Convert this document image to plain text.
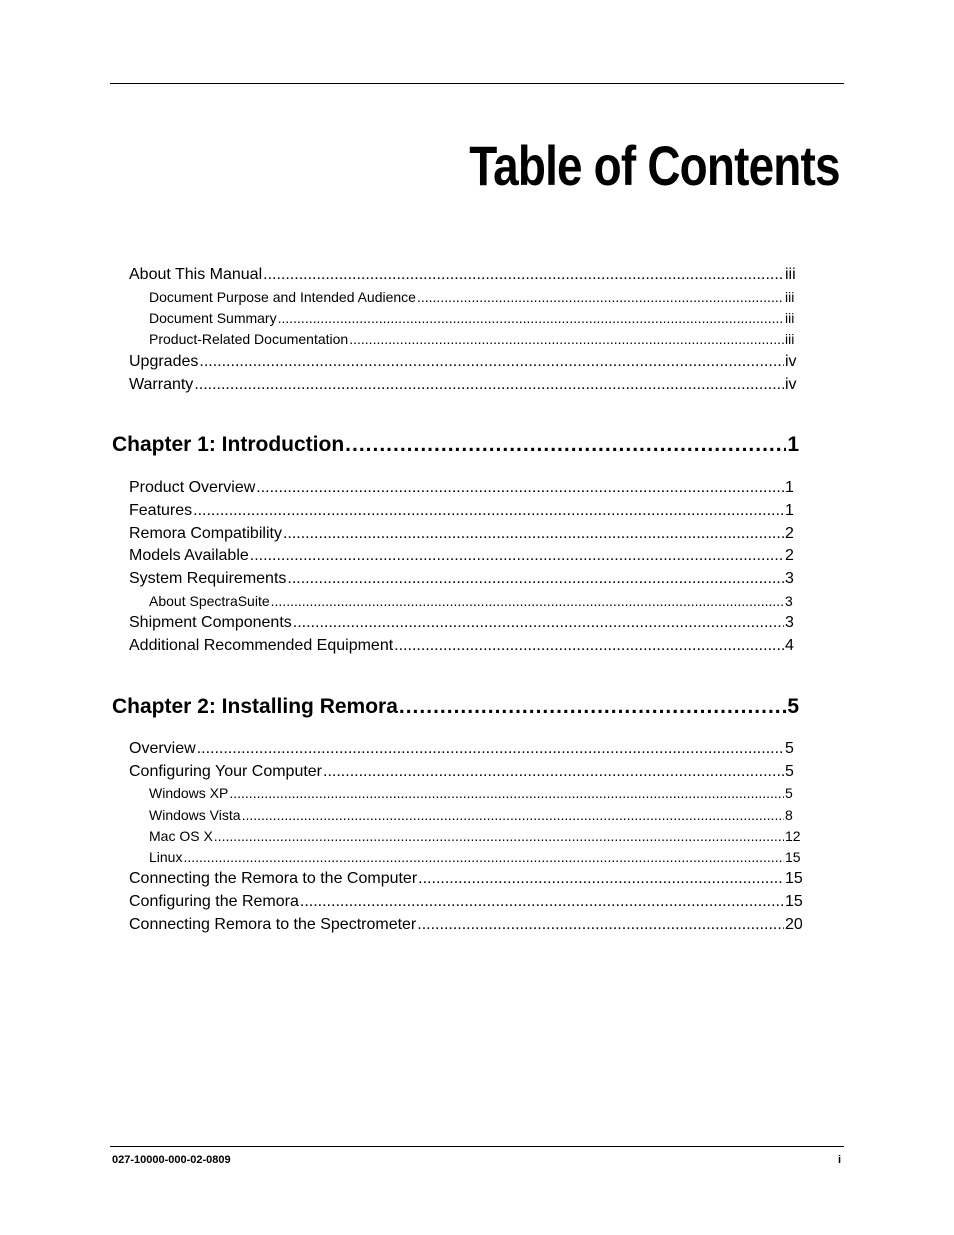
Table of Contents
About This Manual .....	iii
Document Purpose and Intended Audience .....	iii
Document Summary .....	iii
Product-Related Documentation .....	iii
Upgrades .....	iv
Warranty .....	iv
Chapter 1: Introduction .....	1
Product Overview .....	1
Features .....	1
Remora Compatibility .....	2
Models Available .....	2
System Requirements .....	3
About SpectraSuite .....	3
Shipment Components .....	3
Additional Recommended Equipment .....	4
Chapter 2: Installing Remora .....	5
Overview .....	5
Configuring Your Computer .....	5
Windows XP .....	5
Windows Vista .....	8
Mac OS X .....	12
Linux .....	15
Connecting the Remora to the Computer .....	15
Configuring the Remora .....	15
Connecting Remora to the Spectrometer .....	20
027-10000-000-02-0809	i
